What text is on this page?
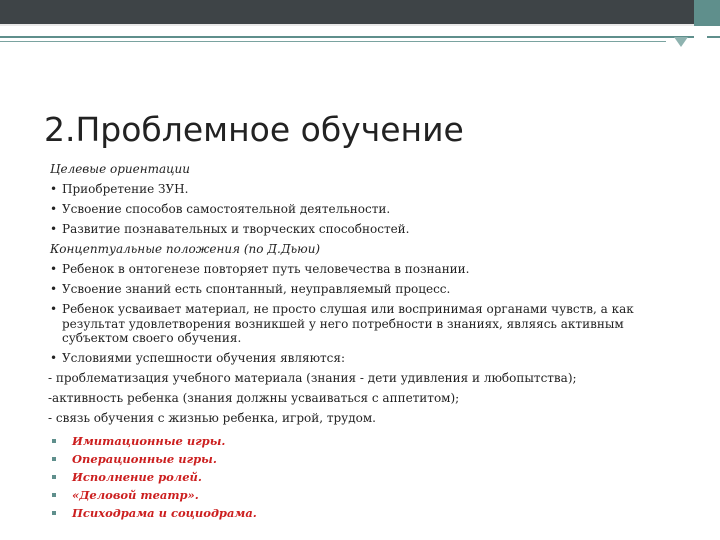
2.Проблемное обучение
Целевые ориентации
• Приобретение ЗУН.
• Усвоение способов самостоятельной деятельности.
• Развитие познавательных и творческих способностей.
Концептуальные положения (по Д.Дьюи)
• Ребенок в онтогенезе повторяет путь человечества в познании.
• Усвоение знаний есть спонтанный, неуправляемый процесс.
• Ребенок усваивает материал, не просто слушая или воспринимая органами чувств, а как результат удовлетворения возникшей у него потребности в знаниях, являясь активным субъектом своего обучения.
• Условиями успешности обучения являются:
- проблематизация учебного материала (знания - дети удивления и любопытства);
-активность ребенка (знания должны усваиваться с аппетитом);
- связь обучения с жизнью ребенка, игрой, трудом.
Имитационные игры.
Операционные игры.
Исполнение ролей.
«Деловой театр».
Психодрама и социодрама.
